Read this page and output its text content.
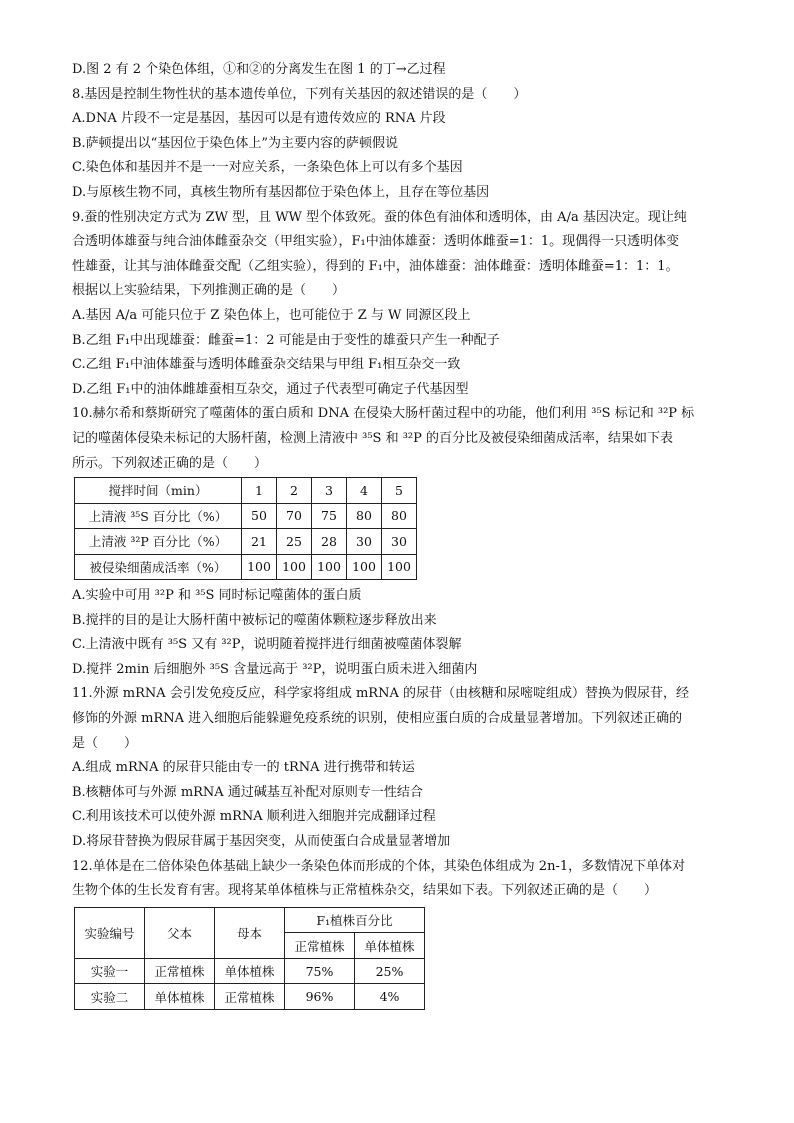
D.图 2 有 2 个染色体组，①和②的分离发生在图 1 的丁→乙过程
8.基因是控制生物性状的基本遗传单位，下列有关基因的叙述错误的是（　　）
A.DNA 片段不一定是基因，基因可以是有遗传效应的 RNA 片段
B.萨顿提出以“基因位于染色体上”为主要内容的萨顿假说
C.染色体和基因并不是一一对应关系，一条染色体上可以有多个基因
D.与原核生物不同，真核生物所有基因都位于染色体上，且存在等位基因
9.蚕的性别决定方式为 ZW 型，且 WW 型个体致死。蚕的体色有油体和透明体，由 A/a 基因决定。现让纯
合透明体雄蚕与纯合油体雌蚕杂交（甲组实验），F₁中油体雄蚕：透明体雌蚕=1：1。现偶得一只透明体变
性雄蚕，让其与油体雌蚕交配（乙组实验），得到的 F₁中，油体雄蚕：油体雌蚕：透明体雌蚕=1：1：1。
根据以上实验结果，下列推测正确的是（　　）
A.基因 A/a 可能只位于 Z 染色体上，也可能位于 Z 与 W 同源区段上
B.乙组 F₁中出现雄蚕：雌蚕=1：2 可能是由于变性的雄蚕只产生一种配子
C.乙组 F₁中油体雄蚕与透明体雌蚕杂交结果与甲组 F₁相互杂交一致
D.乙组 F₁中的油体雌雄蚕相互杂交，通过子代表型可确定子代基因型
10.赫尔希和蔡斯研究了噬菌体的蛋白质和 DNA 在侵染大肠杆菌过程中的功能，他们利用 ³⁵S 标记和 ³²P 标
记的噬菌体侵染未标记的大肠杆菌，检测上清液中 ³⁵S 和 ³²P 的百分比及被侵染细菌成活率，结果如下表
所示。下列叙述正确的是（　　）
搅拌时间（min）	1	2	3	4	5
上清液 ³⁵S 百分比（%）	50	70	75	80	80
上清液 ³²P 百分比（%）	21	25	28	30	30
被侵染细菌成活率（%）	100	100	100	100	100
A.实验中可用 ³²P 和 ³⁵S 同时标记噬菌体的蛋白质
B.搅拌的目的是让大肠杆菌中被标记的噬菌体颗粒逐步释放出来
C.上清液中既有 ³⁵S 又有 ³²P，说明随着搅拌进行细菌被噬菌体裂解
D.搅拌 2min 后细胞外 ³⁵S 含量远高于 ³²P，说明蛋白质未进入细菌内
11.外源 mRNA 会引发免疫反应，科学家将组成 mRNA 的尿苷（由核糖和尿嘧啶组成）替换为假尿苷，经
修饰的外源 mRNA 进入细胞后能躲避免疫系统的识别，使相应蛋白质的合成量显著增加。下列叙述正确的
是（　　）
A.组成 mRNA 的尿苷只能由专一的 tRNA 进行携带和转运
B.核糖体可与外源 mRNA 通过碱基互补配对原则专一性结合
C.利用该技术可以使外源 mRNA 顺利进入细胞并完成翻译过程
D.将尿苷替换为假尿苷属于基因突变，从而使蛋白合成量显著增加
12.单体是在二倍体染色体基础上缺少一条染色体而形成的个体，其染色体组成为 2n-1，多数情况下单体对
生物个体的生长发育有害。现将某单体植株与正常植株杂交，结果如下表。下列叙述正确的是（　　）
实验编号	父本	母本	F₁植株百分比	
			正常植株	单体植株
实验一	正常植株	单体植株	75%	25%
实验二	单体植株	正常植株	96%	4%
